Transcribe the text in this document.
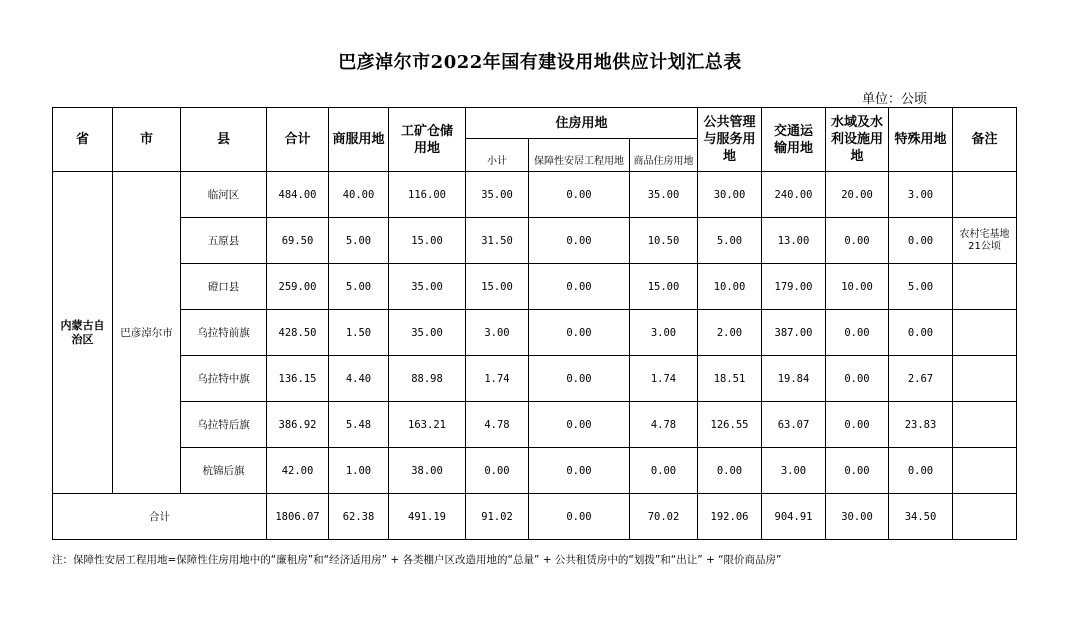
巴彦淖尔市2022年国有建设用地供应计划汇总表
单位：公顷
省	市	县	合计	商服用地	工矿仓储用地	住房用地			公共管理与服务用地	交通运输用地	水域及水利设施用地	特殊用地	备注
						小计	保障性安居工程用地	商品住房用地					
内蒙古自治区	巴彦淖尔市	临河区	484.00	40.00	116.00	35.00	0.00	35.00	30.00	240.00	20.00	3.00	
		五原县	69.50	5.00	15.00	31.50	0.00	10.50	5.00	13.00	0.00	0.00	农村宅基地21公顷
		磴口县	259.00	5.00	35.00	15.00	0.00	15.00	10.00	179.00	10.00	5.00	
		乌拉特前旗	428.50	1.50	35.00	3.00	0.00	3.00	2.00	387.00	0.00	0.00	
		乌拉特中旗	136.15	4.40	88.98	1.74	0.00	1.74	18.51	19.84	0.00	2.67	
		乌拉特后旗	386.92	5.48	163.21	4.78	0.00	4.78	126.55	63.07	0.00	23.83	
		杭锦后旗	42.00	1.00	38.00	0.00	0.00	0.00	0.00	3.00	0.00	0.00	
合计			1806.07	62.38	491.19	91.02	0.00	70.02	192.06	904.91	30.00	34.50	
注：保障性安居工程用地=保障性住房用地中的“廉租房”和“经济适用房” + 各类棚户区改造用地的“总量” + 公共租赁房中的“划拨”和“出让” + “限价商品房”
